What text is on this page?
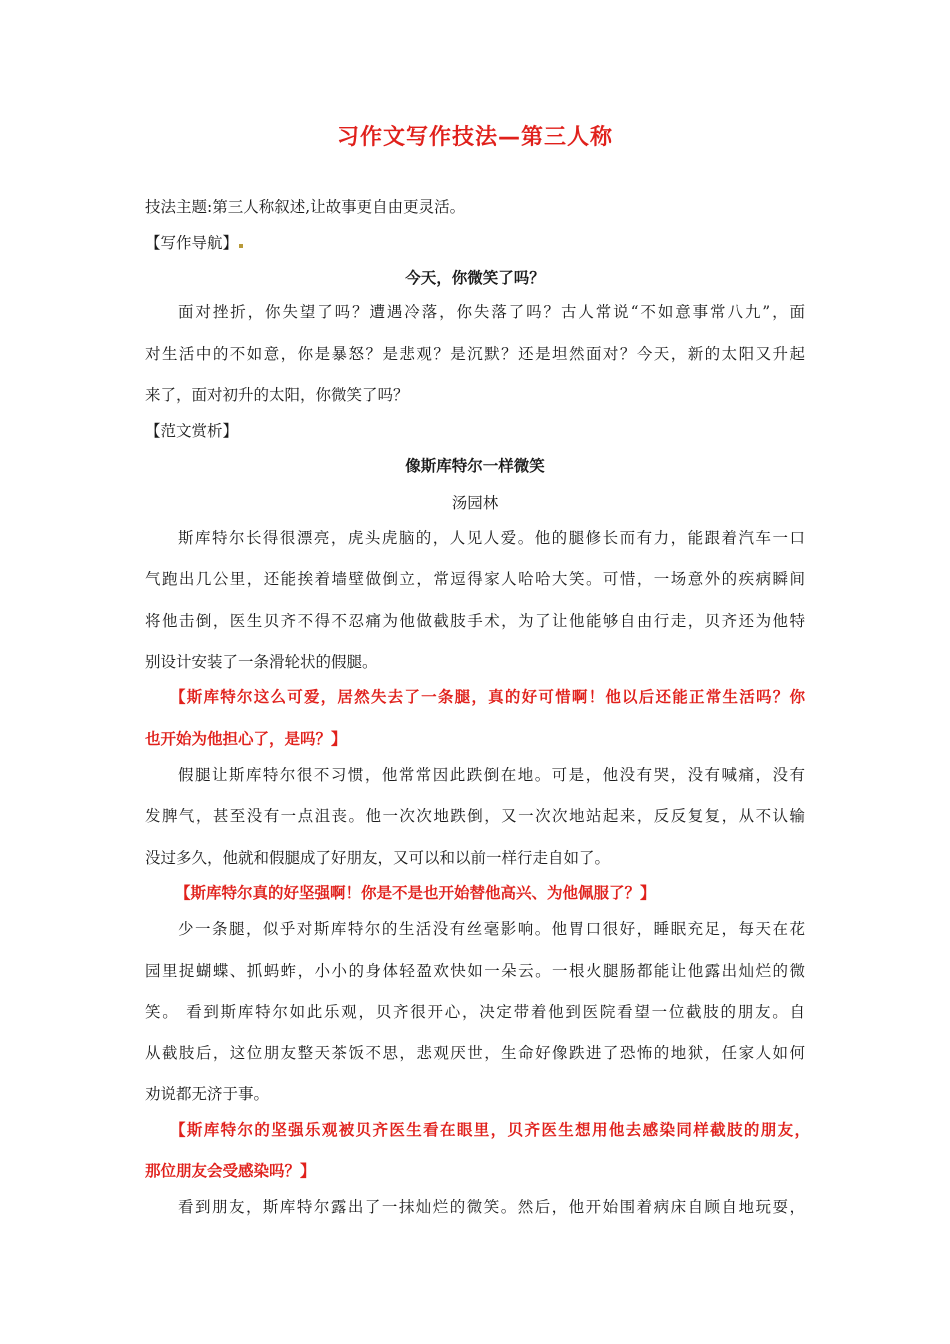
习作文写作技法—第三人称
技法主题:第三人称叙述,让故事更自由更灵活。
【写作导航】
今天，你微笑了吗？
面对挫折，你失望了吗？遭遇冷落，你失落了吗？古人常说“不如意事常八九”，面
对生活中的不如意，你是暴怒？是悲观？是沉默？还是坦然面对？今天，新的太阳又升起
来了，面对初升的太阳，你微笑了吗？
【范文赏析】
像斯库特尔一样微笑
汤园林
斯库特尔长得很漂亮，虎头虎脑的，人见人爱。他的腿修长而有力，能跟着汽车一口
气跑出几公里，还能挨着墙壁做倒立，常逗得家人哈哈大笑。可惜，一场意外的疾病瞬间
将他击倒，医生贝齐不得不忍痛为他做截肢手术，为了让他能够自由行走，贝齐还为他特
别设计安装了一条滑轮状的假腿。
【斯库特尔这么可爱，居然失去了一条腿，真的好可惜啊！他以后还能正常生活吗？你
也开始为他担心了，是吗？】
假腿让斯库特尔很不习惯，他常常因此跌倒在地。可是，他没有哭，没有喊痛，没有
发脾气，甚至没有一点沮丧。他一次次地跌倒，又一次次地站起来，反反复复，从不认输
没过多久，他就和假腿成了好朋友，又可以和以前一样行走自如了。
【斯库特尔真的好坚强啊！你是不是也开始替他高兴、为他佩服了？】
少一条腿，似乎对斯库特尔的生活没有丝毫影响。他胃口很好，睡眠充足，每天在花
园里捉蝴蝶、抓蚂蚱，小小的身体轻盈欢快如一朵云。一根火腿肠都能让他露出灿烂的微
笑。 看到斯库特尔如此乐观，贝齐很开心，决定带着他到医院看望一位截肢的朋友。自
从截肢后，这位朋友整天茶饭不思，悲观厌世，生命好像跌进了恐怖的地狱，任家人如何
劝说都无济于事。
【斯库特尔的坚强乐观被贝齐医生看在眼里，贝齐医生想用他去感染同样截肢的朋友，
那位朋友会受感染吗？】
看到朋友，斯库特尔露出了一抹灿烂的微笑。然后，他开始围着病床自顾自地玩耍，
